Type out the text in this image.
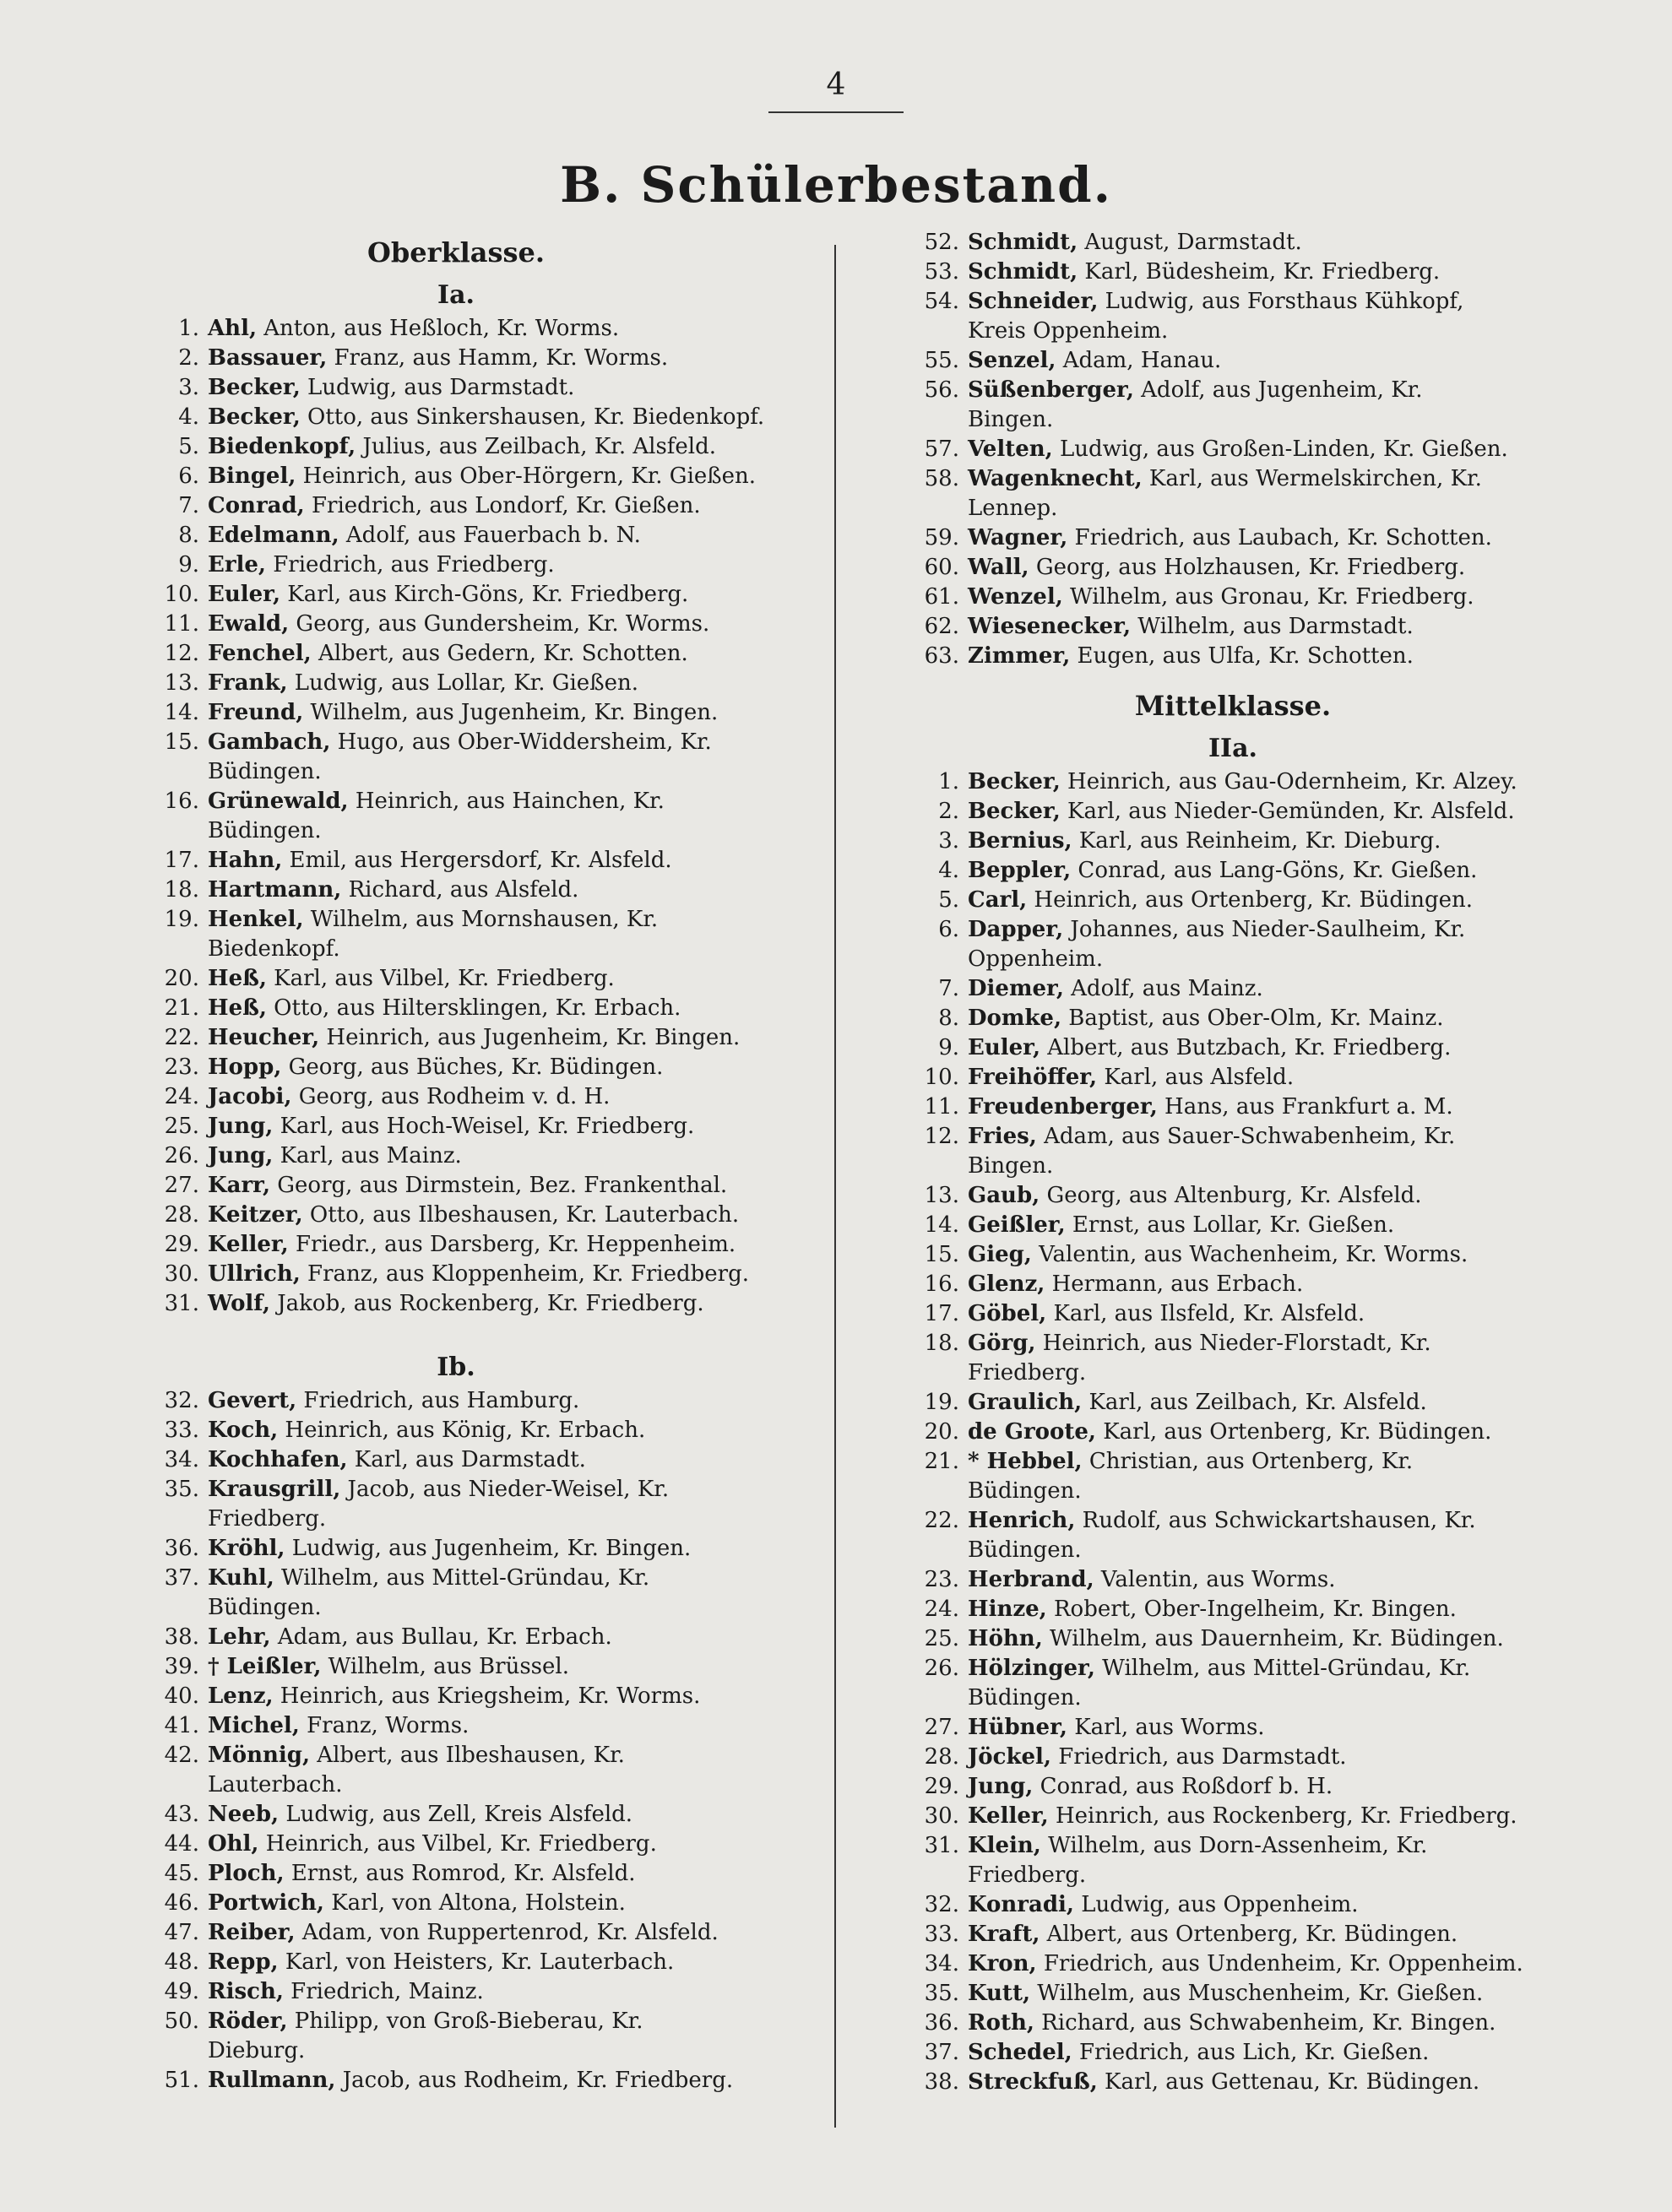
4
B. Schülerbestand.
Oberklasse.
Ia.
1. Ahl, Anton, aus Heßloch, Kr. Worms.
2. Bassauer, Franz, aus Hamm, Kr. Worms.
3. Becker, Ludwig, aus Darmstadt.
4. Becker, Otto, aus Sinkershausen, Kr. Biedenkopf.
5. Biedenkopf, Julius, aus Zeilbach, Kr. Alsfeld.
6. Bingel, Heinrich, aus Ober-Hörgern, Kr. Gießen.
7. Conrad, Friedrich, aus Londorf, Kr. Gießen.
8. Edelmann, Adolf, aus Fauerbach b. N.
9. Erle, Friedrich, aus Friedberg.
10. Euler, Karl, aus Kirch-Göns, Kr. Friedberg.
11. Ewald, Georg, aus Gundersheim, Kr. Worms.
12. Fenchel, Albert, aus Gedern, Kr. Schotten.
13. Frank, Ludwig, aus Lollar, Kr. Gießen.
14. Freund, Wilhelm, aus Jugenheim, Kr. Bingen.
15. Gambach, Hugo, aus Ober-Widdersheim, Kr.
Büdingen.
16. Grünewald, Heinrich, aus Hainchen, Kr.
Büdingen.
17. Hahn, Emil, aus Hergersdorf, Kr. Alsfeld.
18. Hartmann, Richard, aus Alsfeld.
19. Henkel, Wilhelm, aus Mornshausen, Kr.
Biedenkopf.
20. Heß, Karl, aus Vilbel, Kr. Friedberg.
21. Heß, Otto, aus Hiltersklingen, Kr. Erbach.
22. Heucher, Heinrich, aus Jugenheim, Kr. Bingen.
23. Hopp, Georg, aus Büches, Kr. Büdingen.
24. Jacobi, Georg, aus Rodheim v. d. H.
25. Jung, Karl, aus Hoch-Weisel, Kr. Friedberg.
26. Jung, Karl, aus Mainz.
27. Karr, Georg, aus Dirmstein, Bez. Frankenthal.
28. Keitzer, Otto, aus Ilbeshausen, Kr. Lauterbach.
29. Keller, Friedr., aus Darsberg, Kr. Heppenheim.
30. Ullrich, Franz, aus Kloppenheim, Kr. Friedberg.
31. Wolf, Jakob, aus Rockenberg, Kr. Friedberg.
Ib.
32. Gevert, Friedrich, aus Hamburg.
33. Koch, Heinrich, aus König, Kr. Erbach.
34. Kochhafen, Karl, aus Darmstadt.
35. Krausgrill, Jacob, aus Nieder-Weisel, Kr.
Friedberg.
36. Kröhl, Ludwig, aus Jugenheim, Kr. Bingen.
37. Kuhl, Wilhelm, aus Mittel-Gründau, Kr.
Büdingen.
38. Lehr, Adam, aus Bullau, Kr. Erbach.
39. † Leißler, Wilhelm, aus Brüssel.
40. Lenz, Heinrich, aus Kriegsheim, Kr. Worms.
41. Michel, Franz, Worms.
42. Mönnig, Albert, aus Ilbeshausen, Kr.
Lauterbach.
43. Neeb, Ludwig, aus Zell, Kreis Alsfeld.
44. Ohl, Heinrich, aus Vilbel, Kr. Friedberg.
45. Ploch, Ernst, aus Romrod, Kr. Alsfeld.
46. Portwich, Karl, von Altona, Holstein.
47. Reiber, Adam, von Ruppertenrod, Kr. Alsfeld.
48. Repp, Karl, von Heisters, Kr. Lauterbach.
49. Risch, Friedrich, Mainz.
50. Röder, Philipp, von Groß-Bieberau, Kr.
Dieburg.
51. Rullmann, Jacob, aus Rodheim, Kr. Friedberg.
52. Schmidt, August, Darmstadt.
53. Schmidt, Karl, Büdesheim, Kr. Friedberg.
54. Schneider, Ludwig, aus Forsthaus Kühkopf,
Kreis Oppenheim.
55. Senzel, Adam, Hanau.
56. Süßenberger, Adolf, aus Jugenheim, Kr.
Bingen.
57. Velten, Ludwig, aus Großen-Linden, Kr. Gießen.
58. Wagenknecht, Karl, aus Wermelskirchen, Kr.
Lennep.
59. Wagner, Friedrich, aus Laubach, Kr. Schotten.
60. Wall, Georg, aus Holzhausen, Kr. Friedberg.
61. Wenzel, Wilhelm, aus Gronau, Kr. Friedberg.
62. Wiesenecker, Wilhelm, aus Darmstadt.
63. Zimmer, Eugen, aus Ulfa, Kr. Schotten.
Mittelklasse.
IIa.
1. Becker, Heinrich, aus Gau-Odernheim, Kr. Alzey.
2. Becker, Karl, aus Nieder-Gemünden, Kr. Alsfeld.
3. Bernius, Karl, aus Reinheim, Kr. Dieburg.
4. Beppler, Conrad, aus Lang-Göns, Kr. Gießen.
5. Carl, Heinrich, aus Ortenberg, Kr. Büdingen.
6. Dapper, Johannes, aus Nieder-Saulheim, Kr.
Oppenheim.
7. Diemer, Adolf, aus Mainz.
8. Domke, Baptist, aus Ober-Olm, Kr. Mainz.
9. Euler, Albert, aus Butzbach, Kr. Friedberg.
10. Freihöffer, Karl, aus Alsfeld.
11. Freudenberger, Hans, aus Frankfurt a. M.
12. Fries, Adam, aus Sauer-Schwabenheim, Kr.
Bingen.
13. Gaub, Georg, aus Altenburg, Kr. Alsfeld.
14. Geißler, Ernst, aus Lollar, Kr. Gießen.
15. Gieg, Valentin, aus Wachenheim, Kr. Worms.
16. Glenz, Hermann, aus Erbach.
17. Göbel, Karl, aus Ilsfeld, Kr. Alsfeld.
18. Görg, Heinrich, aus Nieder-Florstadt, Kr.
Friedberg.
19. Graulich, Karl, aus Zeilbach, Kr. Alsfeld.
20. de Groote, Karl, aus Ortenberg, Kr. Büdingen.
21. * Hebbel, Christian, aus Ortenberg, Kr.
Büdingen.
22. Henrich, Rudolf, aus Schwickartshausen, Kr.
Büdingen.
23. Herbrand, Valentin, aus Worms.
24. Hinze, Robert, Ober-Ingelheim, Kr. Bingen.
25. Höhn, Wilhelm, aus Dauernheim, Kr. Büdingen.
26. Hölzinger, Wilhelm, aus Mittel-Gründau, Kr.
Büdingen.
27. Hübner, Karl, aus Worms.
28. Jöckel, Friedrich, aus Darmstadt.
29. Jung, Conrad, aus Roßdorf b. H.
30. Keller, Heinrich, aus Rockenberg, Kr. Friedberg.
31. Klein, Wilhelm, aus Dorn-Assenheim, Kr.
Friedberg.
32. Konradi, Ludwig, aus Oppenheim.
33. Kraft, Albert, aus Ortenberg, Kr. Büdingen.
34. Kron, Friedrich, aus Undenheim, Kr. Oppenheim.
35. Kutt, Wilhelm, aus Muschenheim, Kr. Gießen.
36. Roth, Richard, aus Schwabenheim, Kr. Bingen.
37. Schedel, Friedrich, aus Lich, Kr. Gießen.
38. Streckfuß, Karl, aus Gettenau, Kr. Büdingen.
